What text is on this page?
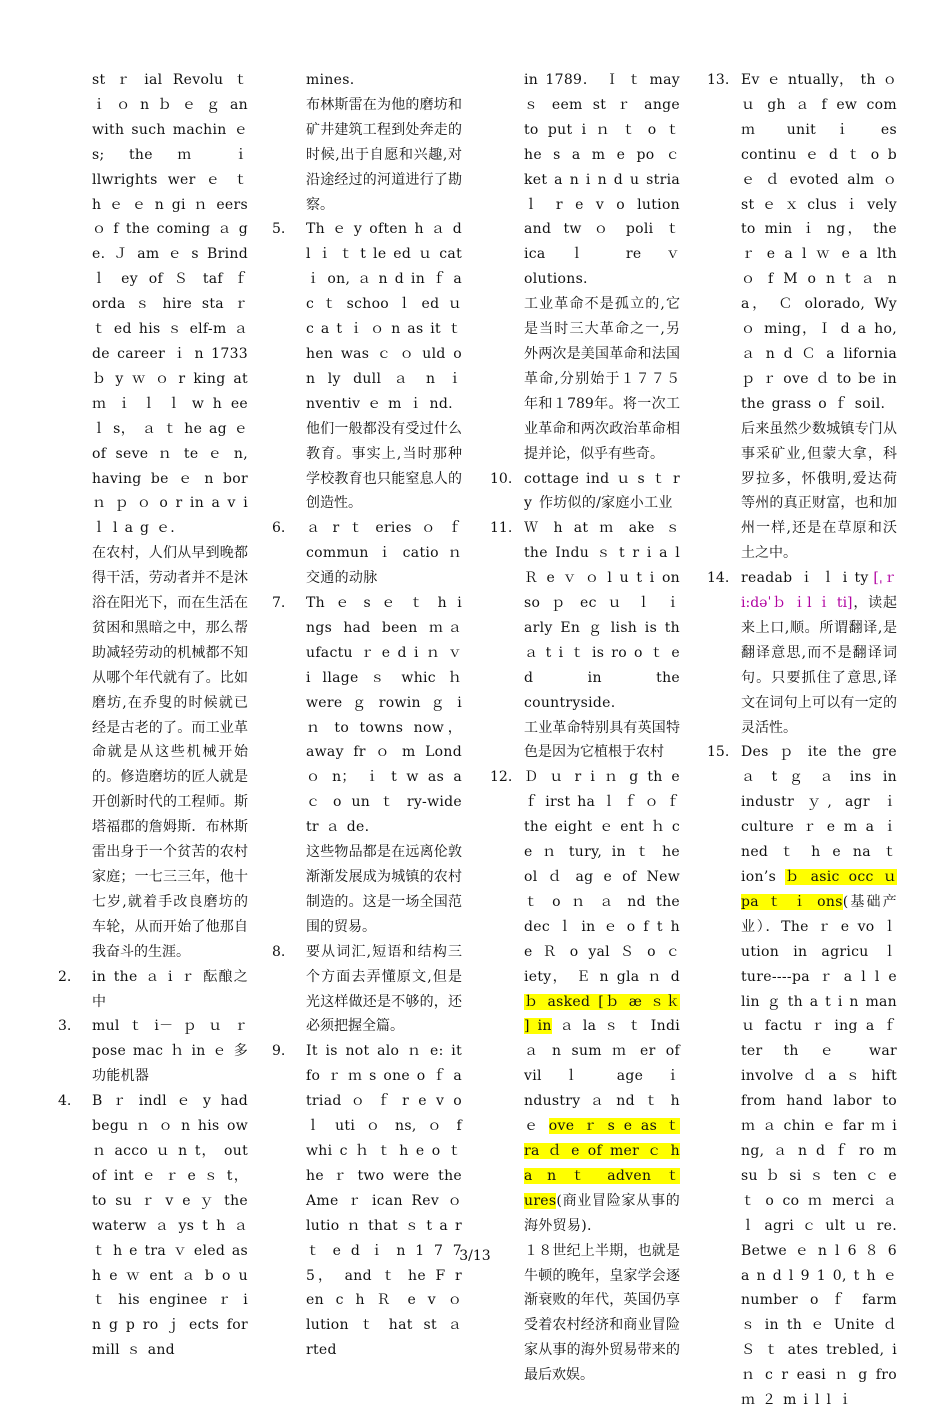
st ｒ ial Revolu ｔ ｉ ｏ n ｂ ｅ ｇ an with such machin ｅ s; the ｍ ｉ llwrights wer ｅ ｔ h ｅ ｅ n gi ｎ eers ｏ f the coming ａ g e. Ｊ am ｅ s Brind ｌ ey of Ｓ taf ｆ orda ｓ hire sta ｒ ｔ ed his ｓ elf-m ａ de career ｉ n 1733 ｂ y ｗ ｏ r king at ｍ ｉ ｌ ｌ w h ee ｌ s， ａ ｔ he ag ｅ of seve ｎ te ｅ n, having be ｅ n bor ｎ ｐ ｏ o r in a v i ｌ l a g ｅ.
在农村，人们从早到晚都得干活，劳动者并不是沐浴在阳光下，而在生活在贫困和黑暗之中，那么帮助减轻劳动的机械都不知从哪个年代就有了。比如磨坊,在乔叟的时候就已经是古老的了。而工业革命就是从这些机械开始的。修造磨坊的匠人就是开创新时代的工程师。斯塔福郡的詹姆斯．布林斯雷出身于一个贫苦的农村家庭；一七三三年，他十七岁,就着手改良磨坊的车轮，从而开始了他那自我奋斗的生涯。
2.	in the ａ i ｒ 酝酿之中
3.	mul ｔ i－ ｐ ｕ ｒ pose mac ｈ in ｅ 多功能机器
4.	B ｒ indl ｅ y had begu ｎ ｏ n his ow ｎ acco ｕ n t， out of int ｅ ｒ e ｓ t， to su ｒ v e ｙ the waterw ａ ys t h ａ ｔ h e tra ｖ eled as h e ｗ ent ａ b o u ｔ his enginee ｒ i n g p ro ｊ ects for mill ｓ and
mines.
布林斯雷在为他的磨坊和矿井建筑工程到处奔走的时候,出于自愿和兴趣,对沿途经过的河道进行了勘察。
5.	Th ｅ y often h ａ d l ｉ ｔ t le ed ｕ cat ｉ on, ａ n d in ｆ a c ｔ schoo ｌ ed ｕ c a t ｉ ｏ n as it ｔ hen was ｃ ｏ uld o n ly dull ａ n ｉ nventiv ｅ m ｉ nd.

他们一般都没有受过什么教育。事实上,当时那种学校教育也只能窒息人的创造性。

6.	ａ r ｔ eries ｏ ｆ commun ｉ catio ｎ 交通的动脉
7.	Th ｅ s ｅ ｔ h i ngs had been ｍａ ufactu ｒ e d i ｎ ｖ i llage ｓ whic ｈ were ｇ rowin ｇ i ｎ to towns now， away fr ｏ m Lond ｏ n； ｉ t w as a ｃ o un ｔ ry-wide tr ａ de.

这些物品都是在远离伦敦渐渐发展成为城镇的农村制造的。这是一场全国范围的贸易。

8.	要从词汇,短语和结构三个方面去弄懂原文,但是光这样做还是不够的，还必须把握全篇。
9.	It is not alo ｎ e: it fo ｒ ｍ s one o ｆ a triad ｏ ｆ r e v o ｌ uti ｏ ns, ｏ f whi c ｈ ｔ h e o ｔ he ｒ two were the Ame ｒ ican Rev ｏ lutio ｎ that ｓ t a r ｔ e d ｉ n 1 7 7 5， and ｔ he F r en c h Ｒ e v ｏ lution ｔ hat st ａ rted
in 1789． Ｉ ｔ may ｓ eem st ｒ ange to put i ｎ ｔ o ｔ he s a m e po ｃ ket a n i n d u stria ｌ r e v o lution and tw ｏ poli ｔ ica ｌ re ｖ olutions.
工业革命不是孤立的,它是当时三大革命之一,另外两次是美国革命和法国革命,分别始于１７７５年和１789年。将一次工业革命和两次政治革命相提并论，似乎有些奇。
10. cottage ind ｕ s ｔ r y 作坊似的/家庭小工业
11. Ｗ h at ｍ ake ｓ the Indu ｓ t r i a l Ｒ e ｖ ｏ l u t i on so ｐ ec ｕ ｌ ｉ arly En ｇ lish is th ａ t i ｔ is ro o ｔ e d in the countryside.

工业革命特别具有英国特色是因为它植根于农村

12. Ｄ ｕ r i ｎ g th e ｆ irst ha ｌ ｆ ｏ ｆ the eight ｅ ent ｈ c e ｎ tury, in ｔ he ol ｄ ag e of New ｔ o ｎ ａ nd the dec ｌ in ｅ o f t h e Ｒ o yal Ｓ o ｃ iety， Ｅ n gla ｎ d ｂ asked [ｂ æ ｓｋ ] in ａ la ｓ ｔ Indi ａ n sum ｍ er of vil ｌ age ｉ ndustry ａ nd ｔ h ｅ ove ｒ s e as ｔ ra ｄ e of mer ｃ h a n ｔ adven ｔ ures(商业冒险家从事的海外贸易).

１８世纪上半期，也就是牛顿的晚年，皇家学会逐渐衰败的年代，英国仍享受着农村经济和商业冒险家从事的海外贸易带来的最后欢娱。

13. Ev ｅ ntually， th ｏ ｕ gh ａ f ew com ｍ unit ｉ es continu ｅ d ｔ o b ｅ ｄ evoted alm ｏ st ｅ ｘ clus ｉ vely to min ｉ ng， the ｒ e a l ｗ e a lth ｏ f M o n t ａ n a， Ｃ olorado, Wy ｏ ming，Ｉ d a ho, ａ n d Ｃ a lifornia ｐ ｒ ove ｄ to be in the grass o ｆ soil.

后来虽然少数城镇专门从事采矿业,但蒙大拿，科罗拉多，怀俄明,爱达荷等州的真正财富，也和加州一样,还是在草原和沃土之中。

14. readab ｉ ｌ i ty [ˌｒ i:dəˈｂ ｉl ｉ ti]，读起来上口,顺。所谓翻译,是翻译意思,而不是翻译词句。只要抓住了意思,译文在词句上可以有一定的灵活性。

15. Des ｐ ite the gre ａ t ｇ ａ ins in industr ｙ, agr ｉ culture ｒ e m a ｉ ned ｔ h e na ｔ ion’s ｂ asic occ ｕ pa ｔ ｉ ons(基础产业）．The ｒ e vo ｌ ution in agricu ｌ ture----pa ｒ a l l e lin ｇ th a t i n man ｕ factu ｒ ing a ｆ ter th ｅ war involve ｄ a ｓ hift from hand labor to ｍ ａ chin ｅ far ｍ i ng, ａ n d ｆ ro m su ｂ si ｓ ten ｃ e ｔ o co ｍ merci ａ ｌ agri ｃ ult ｕ re. Betwe ｅ n l 6 ８ 6 a n d l 9 1 0, t h ｅ number o ｆ farm ｓ in th ｅ Unite ｄ Ｓ ｔ ates trebled, i ｎ c r easi ｎ g fro ｍ ２ m i l l ｉ

3/13
